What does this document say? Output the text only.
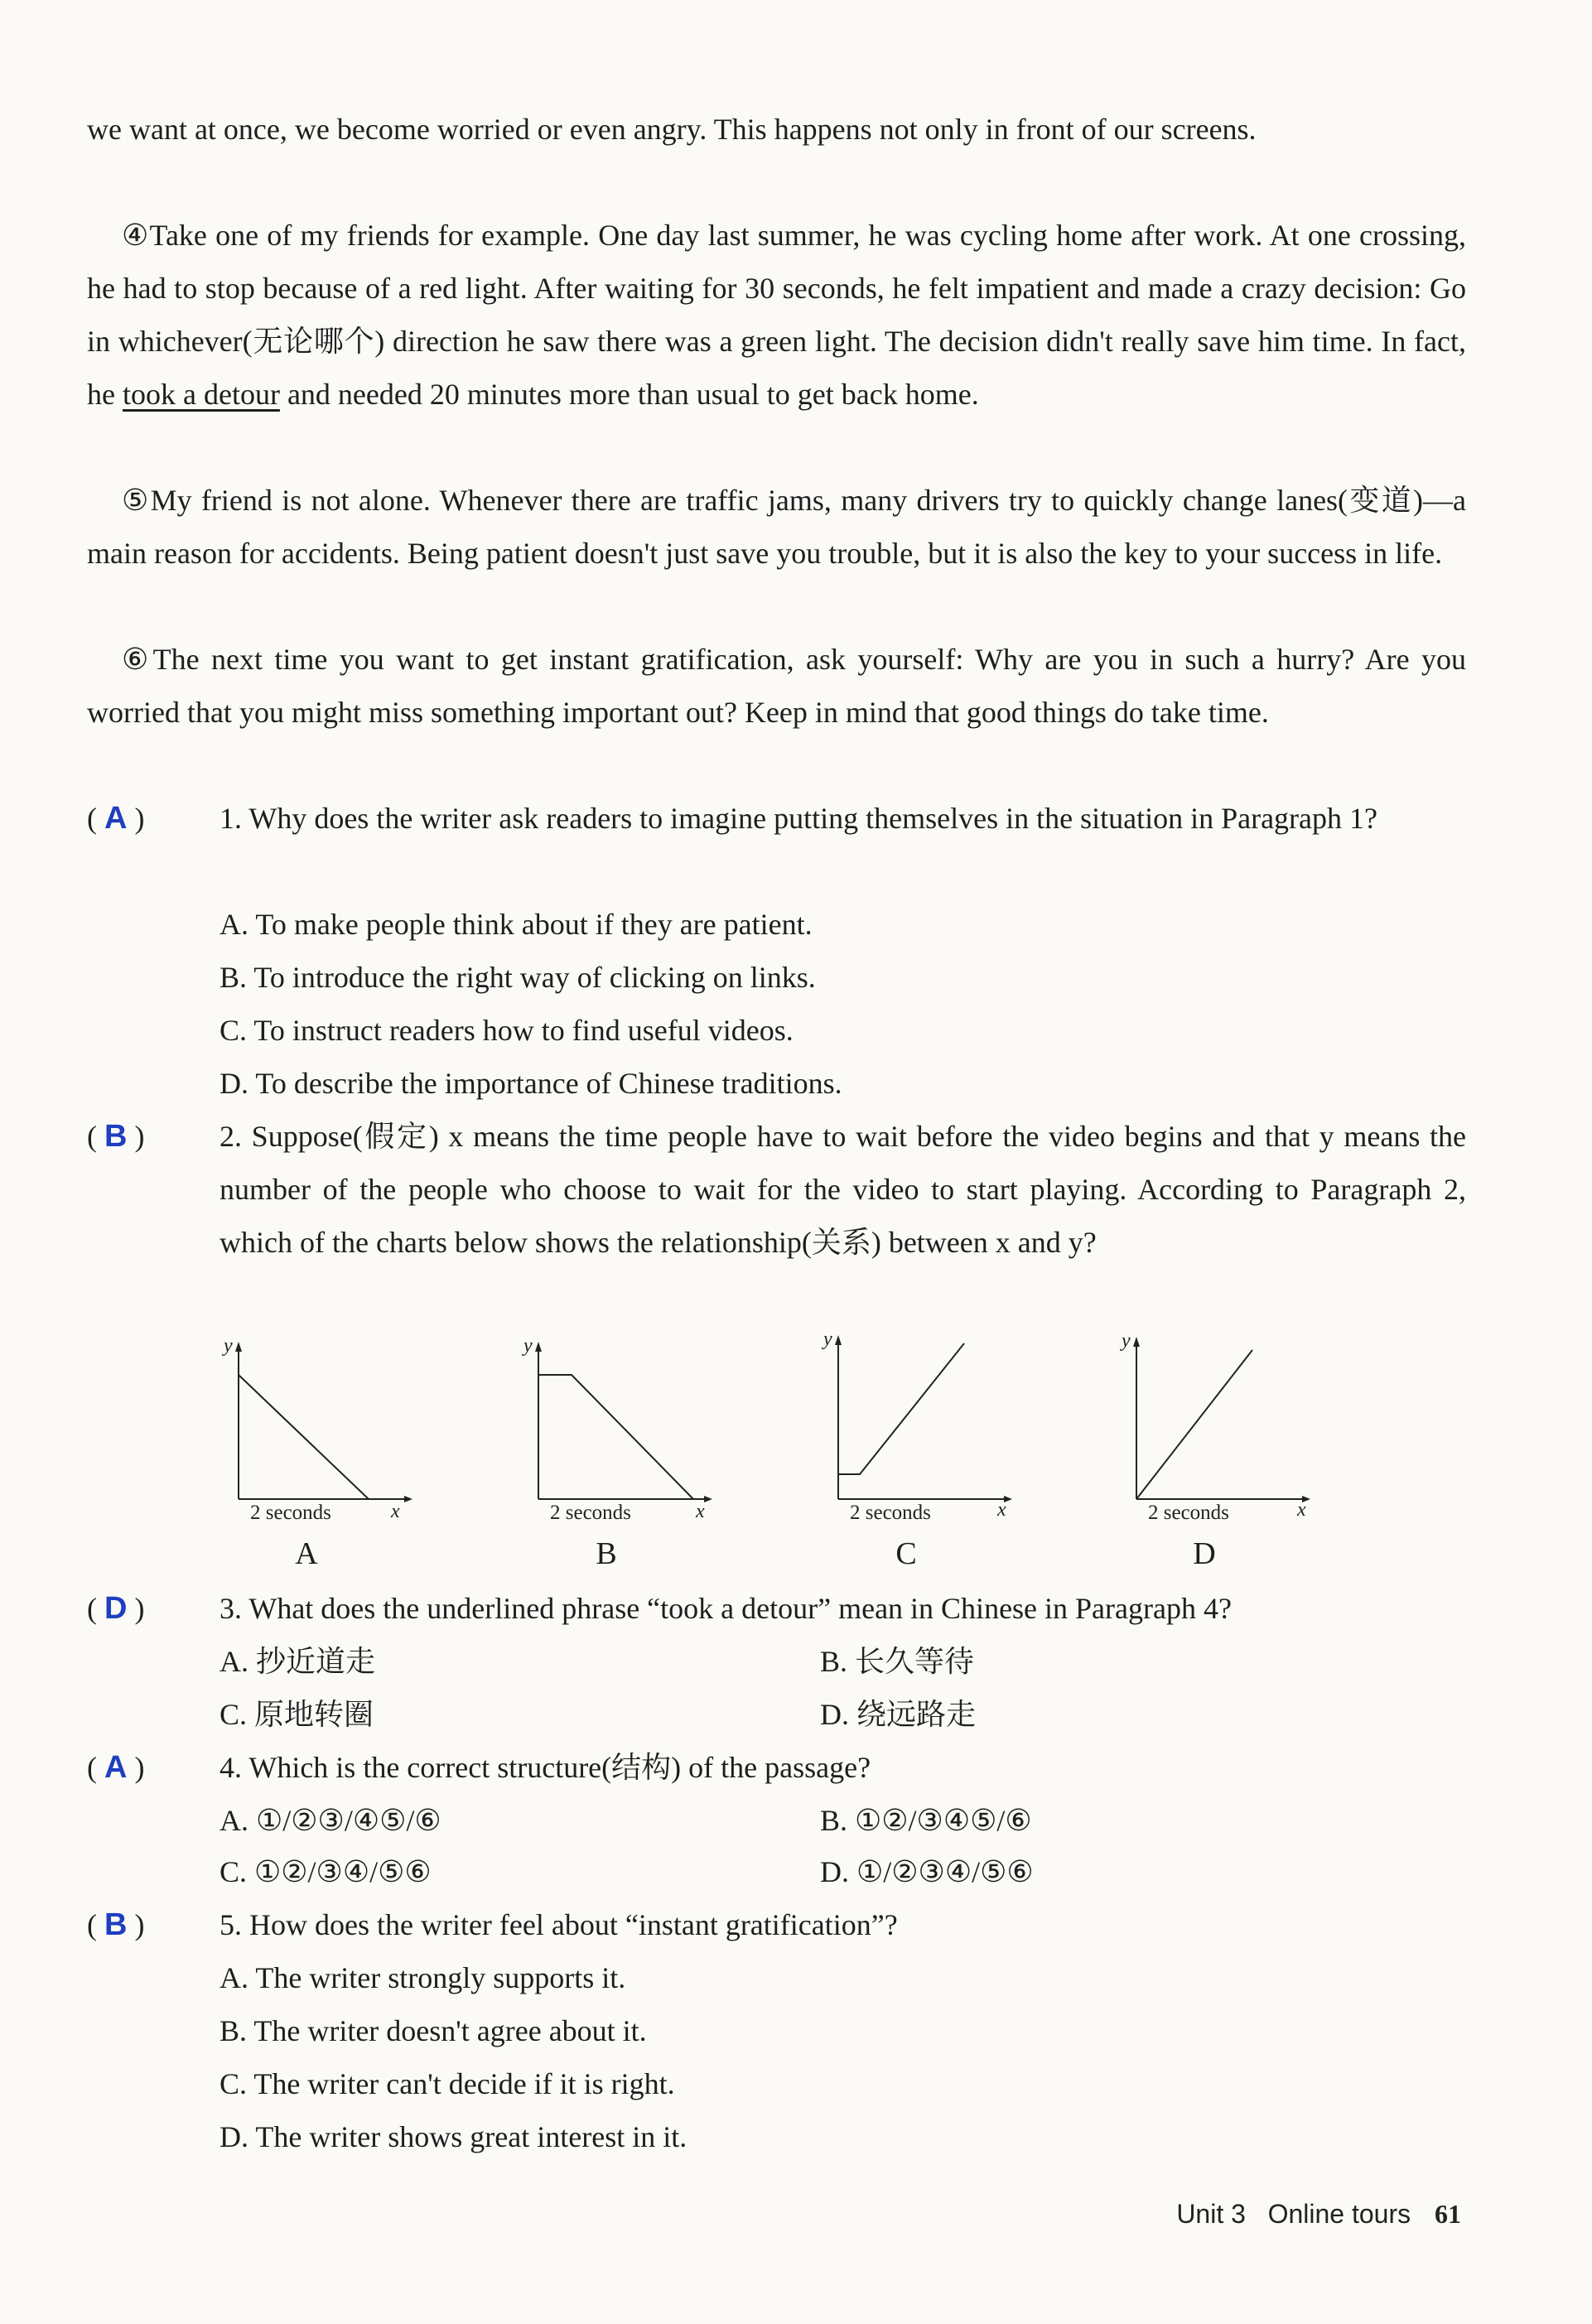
we want at once, we become worried or even angry. This happens not only in front of our screens.
④Take one of my friends for example. One day last summer, he was cycling home after work. At one crossing, he had to stop because of a red light. After waiting for 30 seconds, he felt impatient and made a crazy decision: Go in whichever(无论哪个) direction he saw there was a green light. The decision didn't really save him time. In fact, he took a detour and needed 20 minutes more than usual to get back home.
⑤My friend is not alone. Whenever there are traffic jams, many drivers try to quickly change lanes(变道)—a main reason for accidents. Being patient doesn't just save you trouble, but it is also the key to your success in life.
⑥The next time you want to get instant gratification, ask yourself: Why are you in such a hurry? Are you worried that you might miss something important out? Keep in mind that good things do take time.
( A )	1. Why does the writer ask readers to imagine putting themselves in the situation in Paragraph 1?
A. To make people think about if they are patient.
B. To introduce the right way of clicking on links.
C. To instruct readers how to find useful videos.
D. To describe the importance of Chinese traditions.
( B )	2. Suppose(假定) x means the time people have to wait before the video begins and that y means the number of the people who choose to wait for the video to start playing. According to Paragraph 2, which of the charts below shows the relationship(关系) between x and y?
y
x
2 seconds
A
y
x
2 seconds
B
y
x
2 seconds
C
y
x
2 seconds
D
( D )	3. What does the underlined phrase “took a detour” mean in Chinese in Paragraph 4?
A. 抄近道走	B. 长久等待
C. 原地转圈	D. 绕远路走
( A )	4. Which is the correct structure(结构) of the passage?
A. ①/②③/④⑤/⑥	B. ①②/③④⑤/⑥
C. ①②/③④/⑤⑥	D. ①/②③④/⑤⑥
( B )	5. How does the writer feel about “instant gratification”?
A. The writer strongly supports it.
B. The writer doesn't agree about it.
C. The writer can't decide if it is right.
D. The writer shows great interest in it.
Unit 3 Online tours 61
